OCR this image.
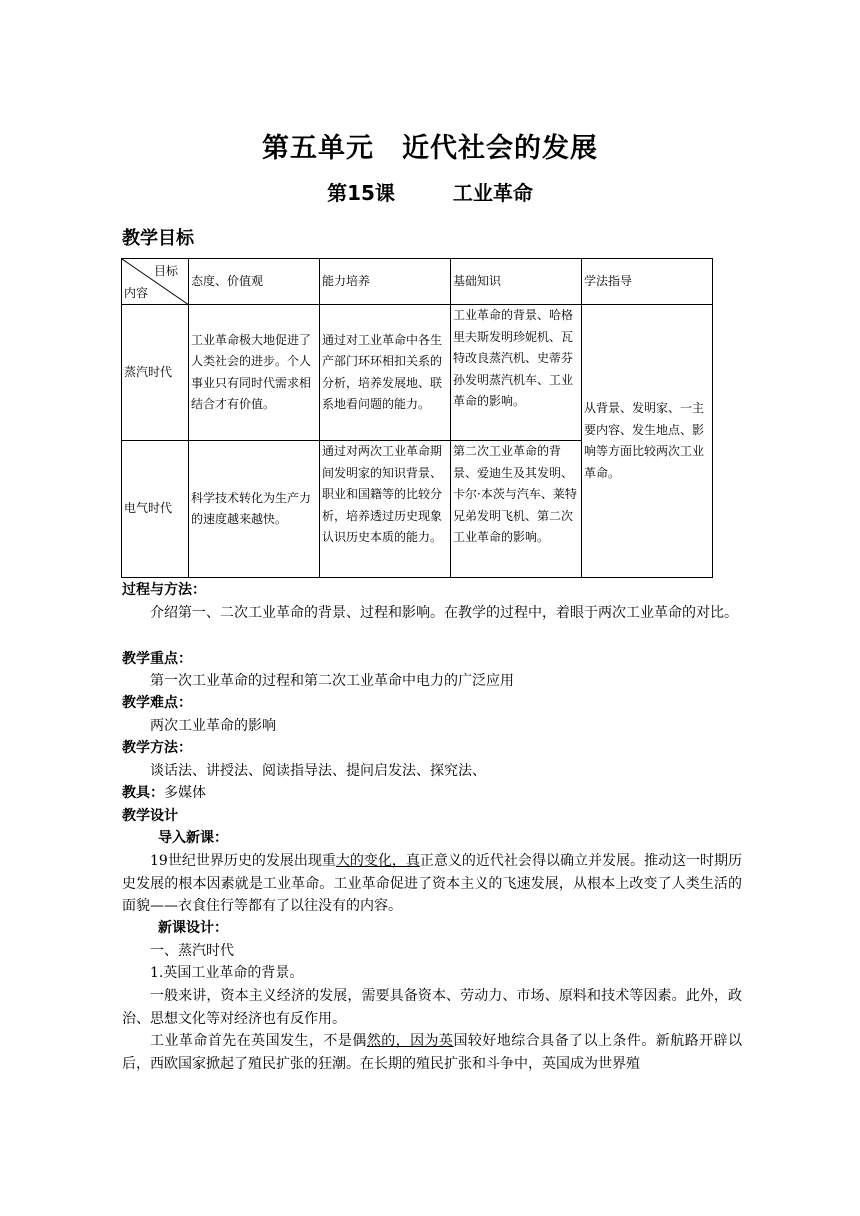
第五单元 近代社会的发展
第15课	工业革命
教学目标
目标
内容	态度、价值观	能力培养	基础知识	学法指导
蒸汽时代	工业革命极大地促进了人类社会的进步。个人事业只有同时代需求相结合才有价值。	通过对工业革命中各生产部门环环相扣关系的分析，培养发展地、联系地看问题的能力。	工业革命的背景、哈格里夫斯发明珍妮机、瓦特改良蒸汽机、史蒂芬孙发明蒸汽机车、工业革命的影响。	从背景、发明家、一主要内容、发生地点、影响等方面比较两次工业革命。
电气时代	科学技术转化为生产力的速度越来越快。	通过对两次工业革命期间发明家的知识背景、职业和国籍等的比较分析，培养透过历史现象认识历史本质的能力。	第二次工业革命的背景、爱迪生及其发明、卡尔·本茨与汽车、莱特兄弟发明飞机、第二次工业革命的影响。	
过程与方法：
介绍第一、二次工业革命的背景、过程和影响。在教学的过程中，着眼于两次工业革命的对比。
教学重点：
第一次工业革命的过程和第二次工业革命中电力的广泛应用
教学难点：
两次工业革命的影响
教学方法：
谈话法、讲授法、阅读指导法、提问启发法、探究法、
教具：多媒体
教学设计
导入新课：
19世纪世界历史的发展出现重大的变化，真正意义的近代社会得以确立并发展。推动这一时期历史发展的根本因素就是工业革命。工业革命促进了资本主义的飞速发展，从根本上改变了人类生活的面貌——衣食住行等都有了以往没有的内容。
新课设计：
一、蒸汽时代
1.英国工业革命的背景。
一般来讲，资本主义经济的发展，需要具备资本、劳动力、市场、原料和技术等因素。此外，政治、思想文化等对经济也有反作用。
工业革命首先在英国发生，不是偶然的，因为英国较好地综合具备了以上条件。新航路开辟以后，西欧国家掀起了殖民扩张的狂潮。在长期的殖民扩张和斗争中，英国成为世界殖
